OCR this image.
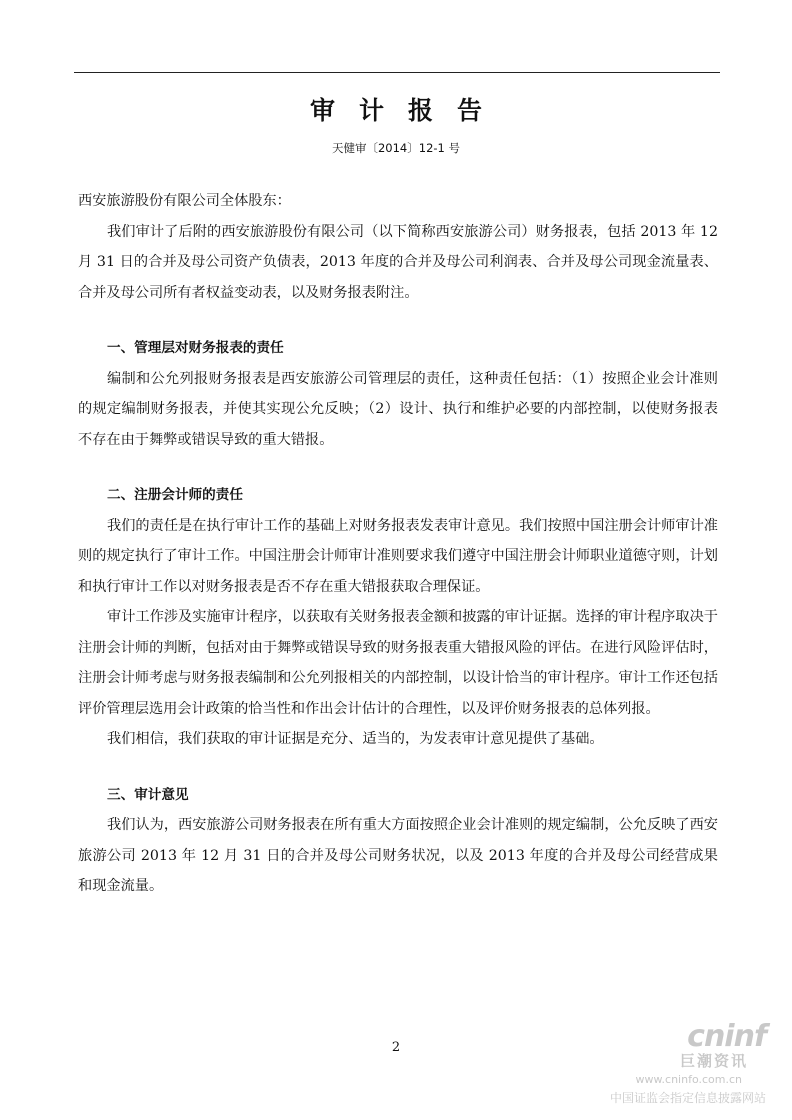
审计报告
天健审〔2014〕12-1 号

西安旅游股份有限公司全体股东：

我们审计了后附的西安旅游股份有限公司（以下简称西安旅游公司）财务报表，包括 2013 年 12 月 31 日的合并及母公司资产负债表，2013 年度的合并及母公司利润表、合并及母公司现金流量表、合并及母公司所有者权益变动表，以及财务报表附注。

一、管理层对财务报表的责任

编制和公允列报财务报表是西安旅游公司管理层的责任，这种责任包括：（1）按照企业会计准则的规定编制财务报表，并使其实现公允反映；（2）设计、执行和维护必要的内部控制，以使财务报表不存在由于舞弊或错误导致的重大错报。

二、注册会计师的责任

我们的责任是在执行审计工作的基础上对财务报表发表审计意见。我们按照中国注册会计师审计准则的规定执行了审计工作。中国注册会计师审计准则要求我们遵守中国注册会计师职业道德守则，计划和执行审计工作以对财务报表是否不存在重大错报获取合理保证。

审计工作涉及实施审计程序，以获取有关财务报表金额和披露的审计证据。选择的审计程序取决于注册会计师的判断，包括对由于舞弊或错误导致的财务报表重大错报风险的评估。在进行风险评估时，注册会计师考虑与财务报表编制和公允列报相关的内部控制，以设计恰当的审计程序。审计工作还包括评价管理层选用会计政策的恰当性和作出会计估计的合理性，以及评价财务报表的总体列报。

我们相信，我们获取的审计证据是充分、适当的，为发表审计意见提供了基础。

三、审计意见

我们认为，西安旅游公司财务报表在所有重大方面按照企业会计准则的规定编制，公允反映了西安旅游公司 2013 年 12 月 31 日的合并及母公司财务状况，以及 2013 年度的合并及母公司经营成果和现金流量。

2	cninf
巨潮资讯
www.cninfo.com.cn
中国证监会指定信息披露网站
